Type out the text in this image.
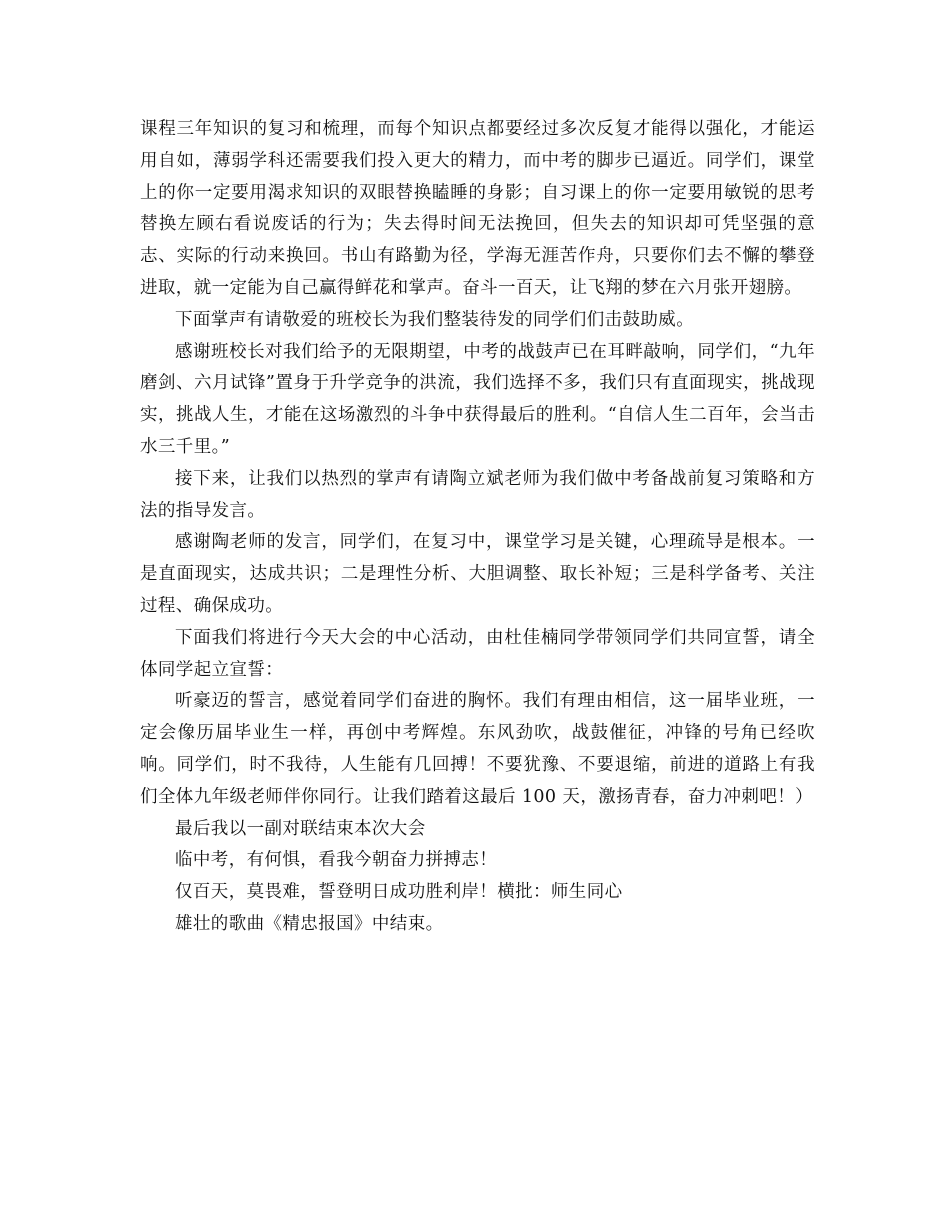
课程三年知识的复习和梳理，而每个知识点都要经过多次反复才能得以强化，才能运用自如，薄弱学科还需要我们投入更大的精力，而中考的脚步已逼近。同学们，课堂上的你一定要用渴求知识的双眼替换瞌睡的身影；自习课上的你一定要用敏锐的思考替换左顾右看说废话的行为；失去得时间无法挽回，但失去的知识却可凭坚强的意志、实际的行动来换回。书山有路勤为径，学海无涯苦作舟，只要你们去不懈的攀登进取，就一定能为自己赢得鲜花和掌声。奋斗一百天，让飞翔的梦在六月张开翅膀。

下面掌声有请敬爱的班校长为我们整装待发的同学们们击鼓助威。

感谢班校长对我们给予的无限期望，中考的战鼓声已在耳畔敲响，同学们，“九年磨剑、六月试锋”置身于升学竞争的洪流，我们选择不多，我们只有直面现实，挑战现实，挑战人生，才能在这场激烈的斗争中获得最后的胜利。“自信人生二百年，会当击水三千里。”

接下来，让我们以热烈的掌声有请陶立斌老师为我们做中考备战前复习策略和方法的指导发言。

感谢陶老师的发言，同学们，在复习中，课堂学习是关键，心理疏导是根本。一是直面现实，达成共识；二是理性分析、大胆调整、取长补短；三是科学备考、关注过程、确保成功。

下面我们将进行今天大会的中心活动，由杜佳楠同学带领同学们共同宣誓，请全体同学起立宣誓：

听豪迈的誓言，感觉着同学们奋进的胸怀。我们有理由相信，这一届毕业班，一定会像历届毕业生一样，再创中考辉煌。东风劲吹，战鼓催征，冲锋的号角已经吹响。同学们，时不我待，人生能有几回搏！不要犹豫、不要退缩，前进的道路上有我们全体九年级老师伴你同行。让我们踏着这最后 100 天，激扬青春，奋力冲刺吧！）

最后我以一副对联结束本次大会

临中考，有何惧，看我今朝奋力拼搏志！

仅百天，莫畏难，誓登明日成功胜利岸！横批：师生同心

雄壮的歌曲《精忠报国》中结束。
